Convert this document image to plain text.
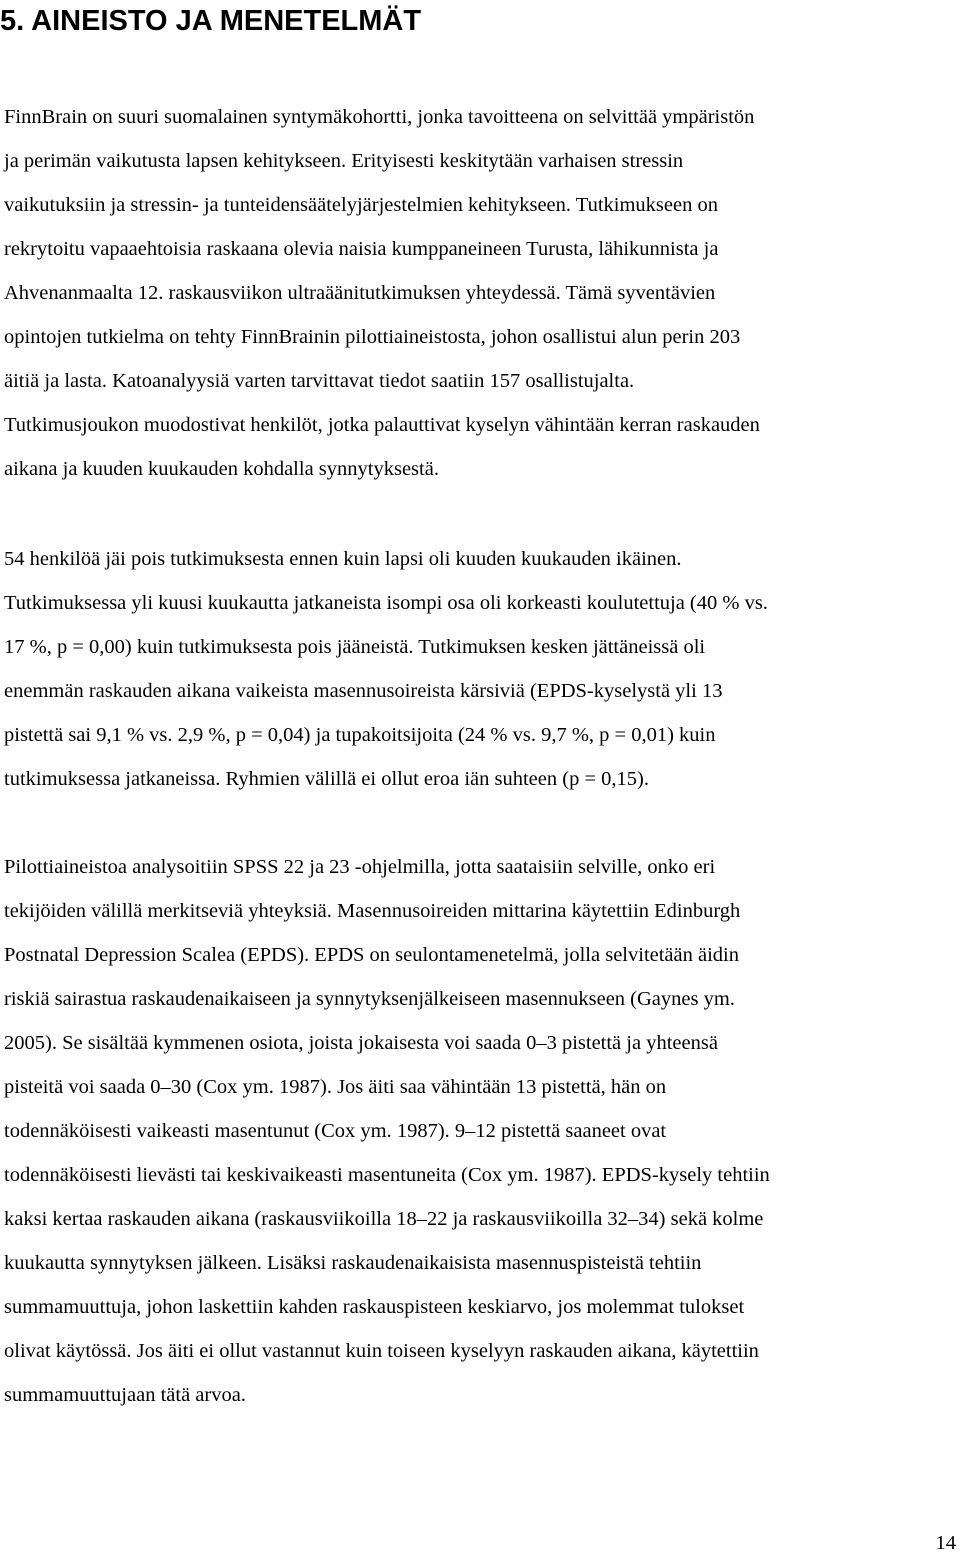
5. AINEISTO JA MENETELMÄT
FinnBrain on suuri suomalainen syntymäkohortti, jonka tavoitteena on selvittää ympäristön
ja perimän vaikutusta lapsen kehitykseen. Erityisesti keskitytään varhaisen stressin
vaikutuksiin ja stressin- ja tunteidensäätelyjärjestelmien kehitykseen. Tutkimukseen on
rekrytoitu vapaaehtoisia raskaana olevia naisia kumppaneineen Turusta, lähikunnista ja
Ahvenanmaalta 12. raskausviikon ultraäänitutkimuksen yhteydessä. Tämä syventävien
opintojen tutkielma on tehty FinnBrainin pilottiaineistosta, johon osallistui alun perin 203
äitiä ja lasta. Katoanalyysiä varten tarvittavat tiedot saatiin 157 osallistujalta.
Tutkimusjoukon muodostivat henkilöt, jotka palauttivat kyselyn vähintään kerran raskauden
aikana ja kuuden kuukauden kohdalla synnytyksestä.
54 henkilöä jäi pois tutkimuksesta ennen kuin lapsi oli kuuden kuukauden ikäinen.
Tutkimuksessa yli kuusi kuukautta jatkaneista isompi osa oli korkeasti koulutettuja (40 % vs.
17 %, p = 0,00) kuin tutkimuksesta pois jääneistä. Tutkimuksen kesken jättäneissä oli
enemmän raskauden aikana vaikeista masennusoireista kärsiviä (EPDS-kyselystä yli 13
pistettä sai 9,1 % vs. 2,9 %, p = 0,04) ja tupakoitsijoita (24 % vs. 9,7 %, p = 0,01) kuin
tutkimuksessa jatkaneissa. Ryhmien välillä ei ollut eroa iän suhteen (p = 0,15).
Pilottiaineistoa analysoitiin SPSS 22 ja 23 -ohjelmilla, jotta saataisiin selville, onko eri
tekijöiden välillä merkitseviä yhteyksiä. Masennusoireiden mittarina käytettiin Edinburgh
Postnatal Depression Scalea (EPDS). EPDS on seulontamenetelmä, jolla selvitetään äidin
riskiä sairastua raskaudenaikaiseen ja synnytyksenjälkeiseen masennukseen (Gaynes ym.
2005). Se sisältää kymmenen osiota, joista jokaisesta voi saada 0–3 pistettä ja yhteensä
pisteitä voi saada 0–30 (Cox ym. 1987). Jos äiti saa vähintään 13 pistettä, hän on
todennäköisesti vaikeasti masentunut (Cox ym. 1987). 9–12 pistettä saaneet ovat
todennäköisesti lievästi tai keskivaikeasti masentuneita (Cox ym. 1987). EPDS-kysely tehtiin
kaksi kertaa raskauden aikana (raskausviikoilla 18–22 ja raskausviikoilla 32–34) sekä kolme
kuukautta synnytyksen jälkeen. Lisäksi raskaudenaikaisista masennuspisteistä tehtiin
summamuuttuja, johon laskettiin kahden raskauspisteen keskiarvo, jos molemmat tulokset
olivat käytössä. Jos äiti ei ollut vastannut kuin toiseen kyselyyn raskauden aikana, käytettiin
summamuuttujaan tätä arvoa.
14
